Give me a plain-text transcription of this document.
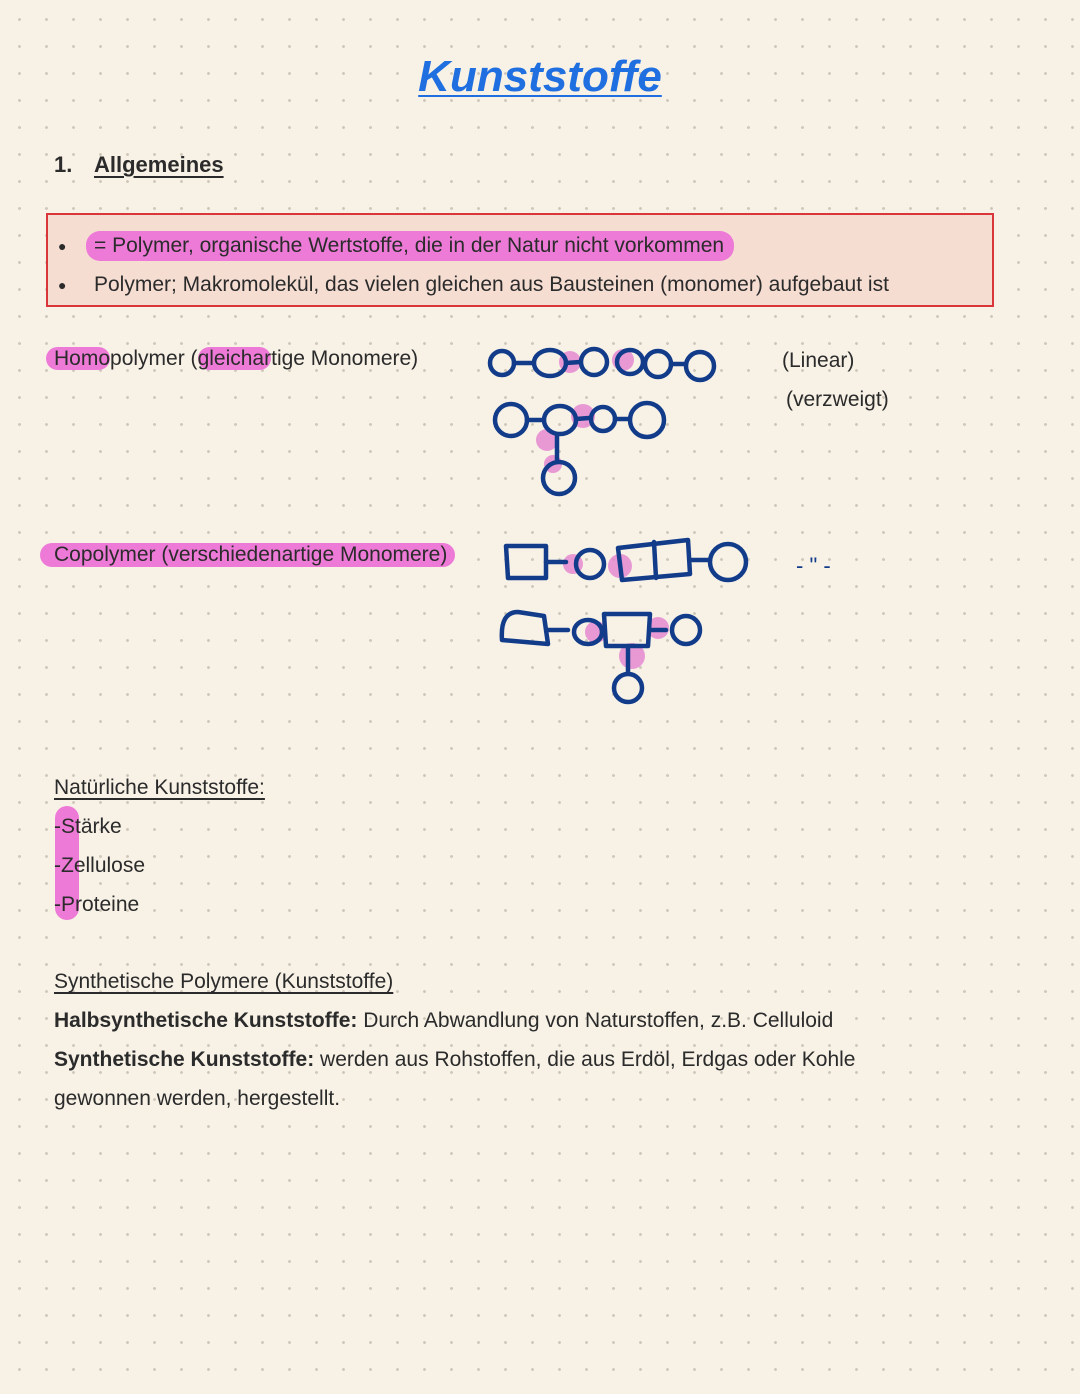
Kunststoffe
1. Allgemeines
●	= Polymer, organische Wertstoffe, die in der Natur nicht vorkommen
● Polymer; Makromolekül, das vielen gleichen aus Bausteinen (monomer) aufgebaut ist
Homopolymer (gleichartige Monomere)	(Linear)
(verzweigt)
Copolymer (verschiedenartige Monomere)	- " -
Natürliche Kunststoffe:
-Stärke
-Zellulose
-Proteine
Synthetische Polymere (Kunststoffe)
Halbsynthetische Kunststoffe: Durch Abwandlung von Naturstoffen, z.B. Celluloid
Synthetische Kunststoffe: werden aus Rohstoffen, die aus Erdöl, Erdgas oder Kohle
gewonnen werden, hergestellt.
